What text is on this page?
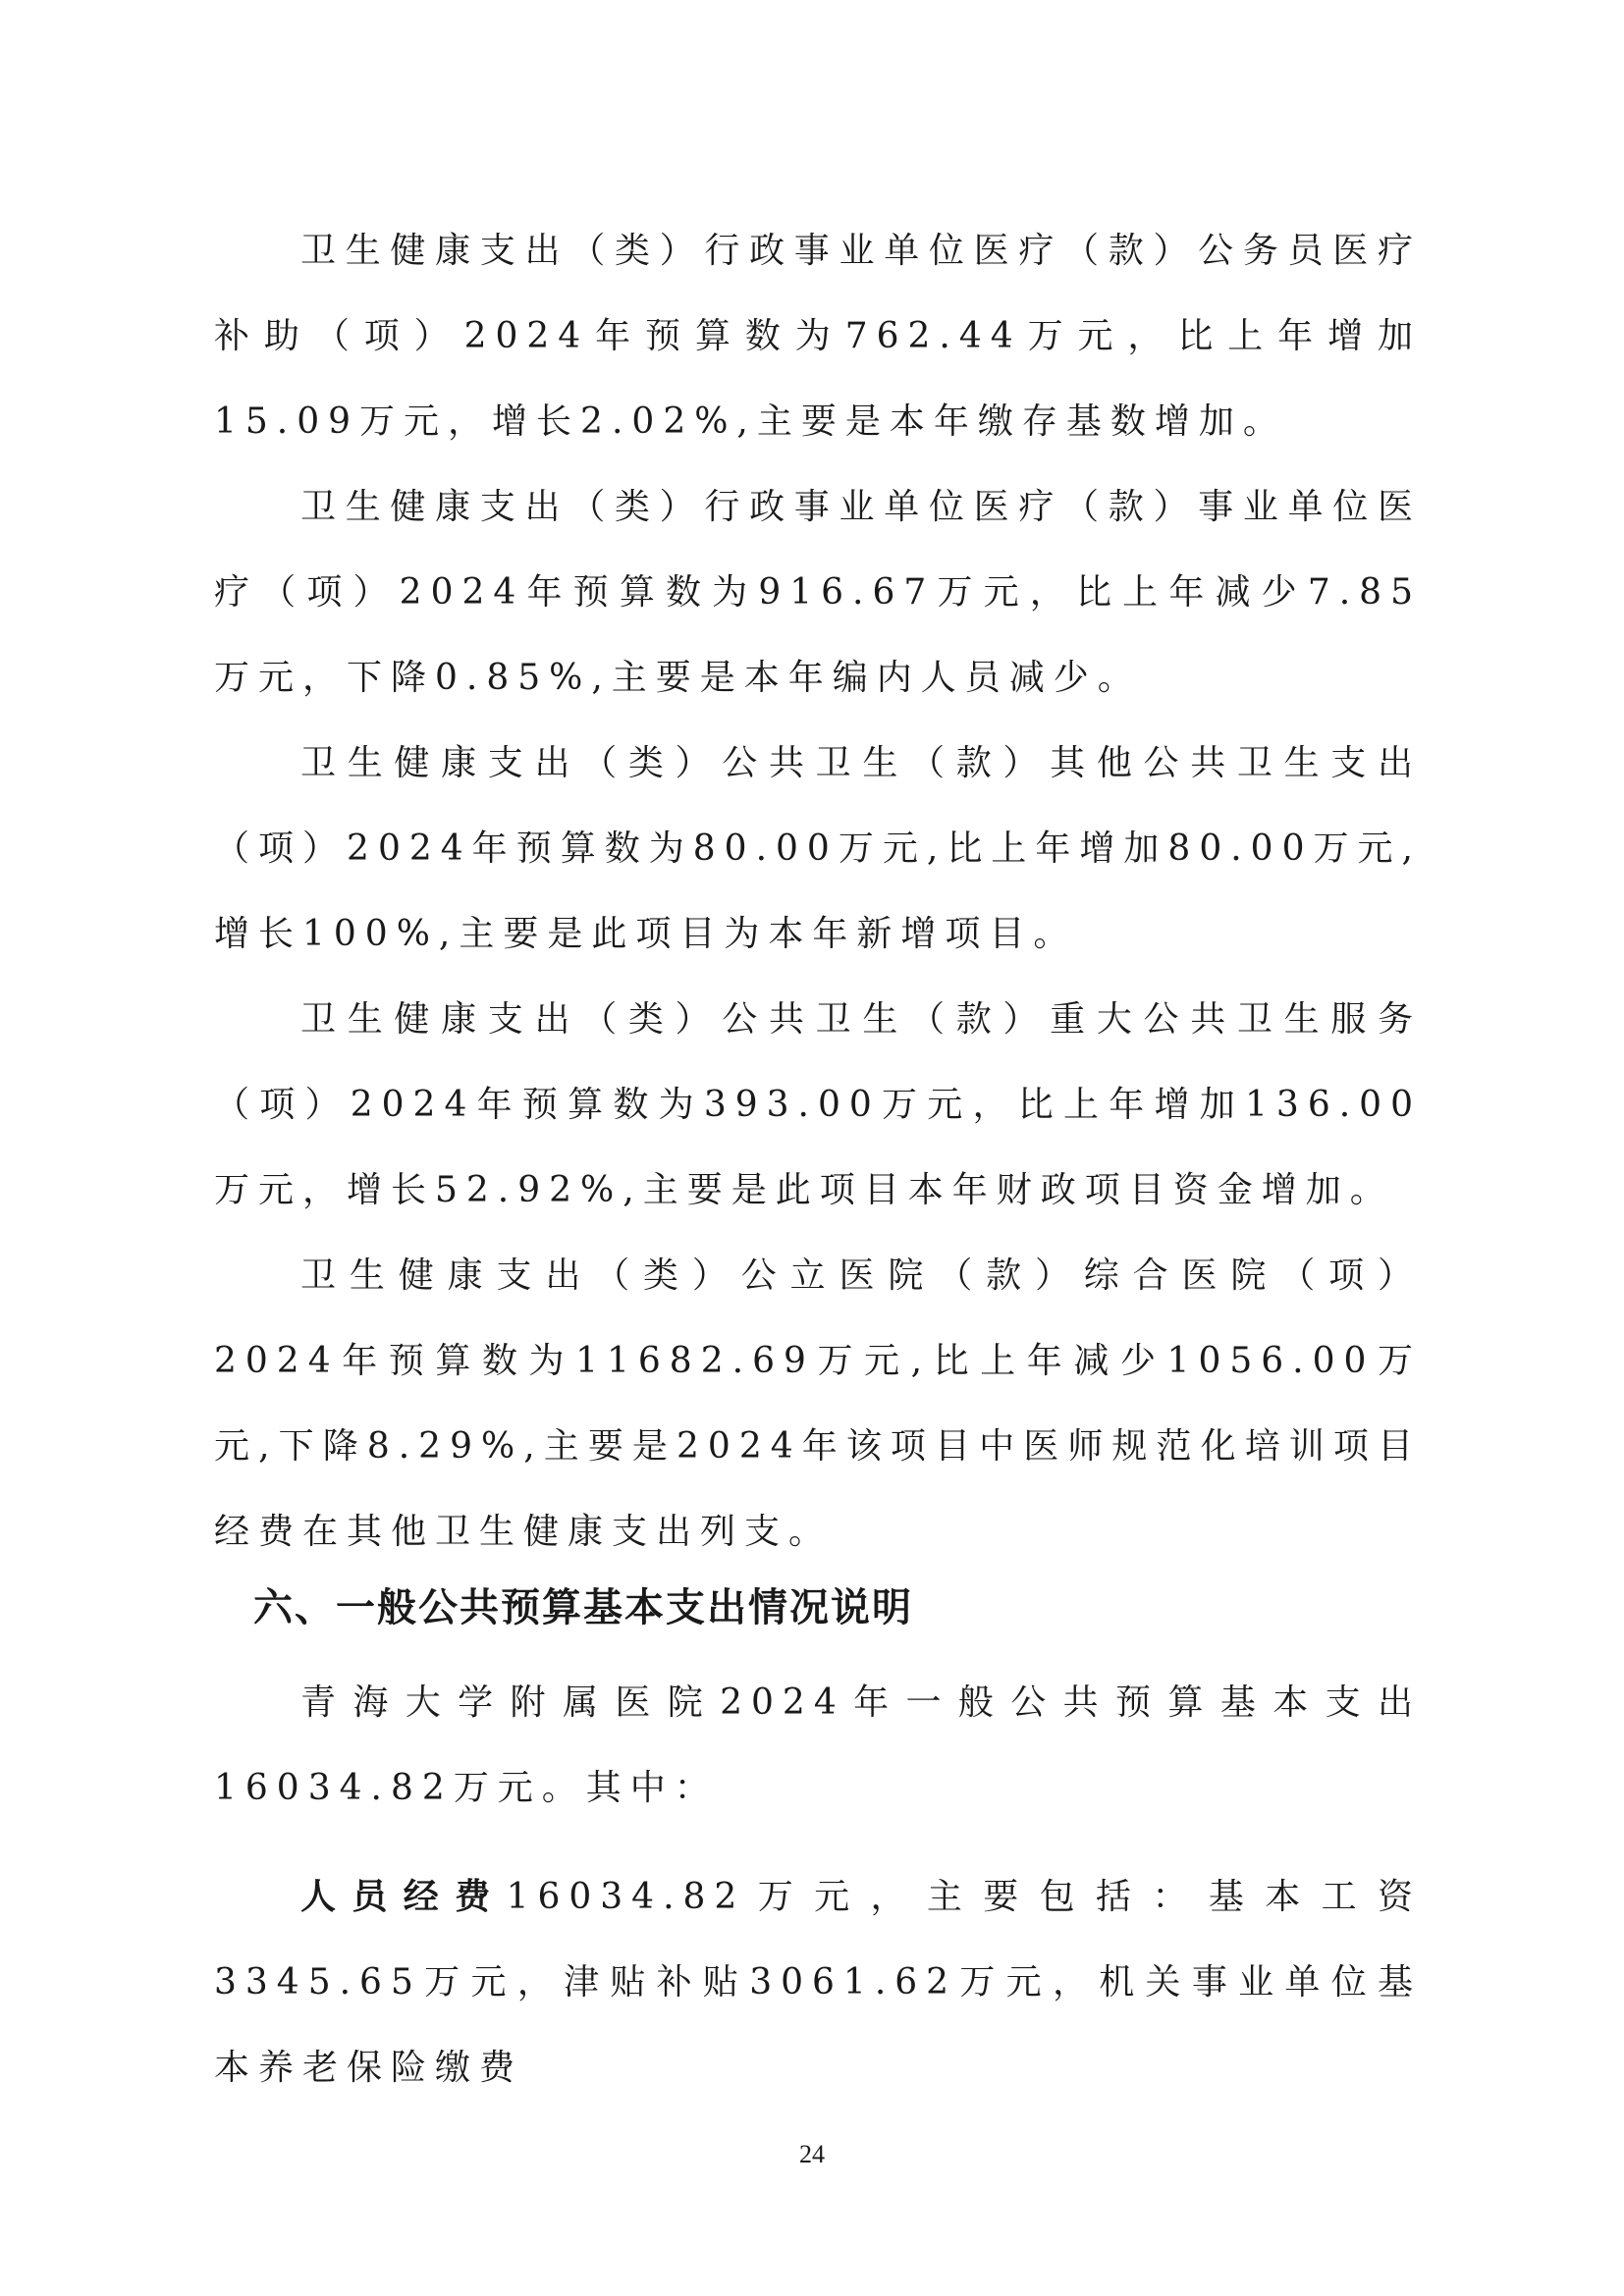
卫生健康支出（类）行政事业单位医疗（款）公务员医疗补助（项）2024年预算数为762.44万元，比上年增加15.09万元，增长2.02%,主要是本年缴存基数增加。

卫生健康支出（类）行政事业单位医疗（款）事业单位医疗（项）2024年预算数为916.67万元，比上年减少7.85万元，下降0.85%,主要是本年编内人员减少。

卫生健康支出（类）公共卫生（款）其他公共卫生支出（项）2024年预算数为80.00万元,比上年增加80.00万元,增长100%,主要是此项目为本年新增项目。

卫生健康支出（类）公共卫生（款）重大公共卫生服务（项）2024年预算数为393.00万元，比上年增加136.00万元，增长52.92%,主要是此项目本年财政项目资金增加。

卫生健康支出（类）公立医院（款）综合医院（项）2024年预算数为11682.69万元,比上年减少1056.00万元,下降8.29%,主要是2024年该项目中医师规范化培训项目经费在其他卫生健康支出列支。

六、一般公共预算基本支出情况说明

青海大学附属医院2024年一般公共预算基本支出16034.82万元。其中：

人员经费16034.82万元，主要包括：基本工资3345.65万元，津贴补贴3061.62万元，机关事业单位基本养老保险缴费

24
